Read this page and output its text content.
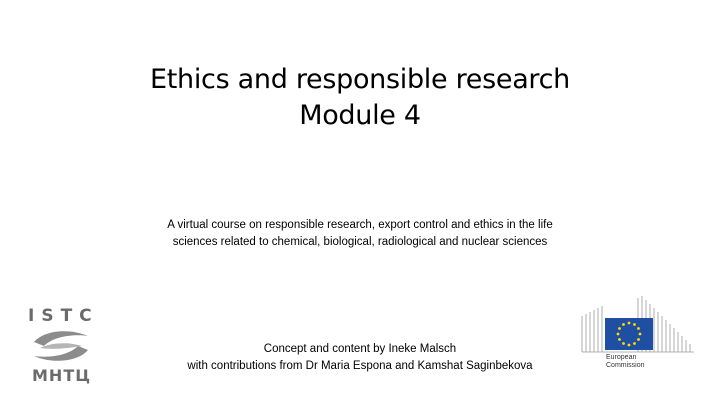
Ethics and responsible research
Module 4
A virtual course on responsible research, export control and ethics in the life
sciences related to chemical, biological, radiological and nuclear sciences
Concept and content by Ineke Malsch
with contributions from Dr Maria Espona and Kamshat Saginbekova
ISTC
МНТЦ
European
Commission
